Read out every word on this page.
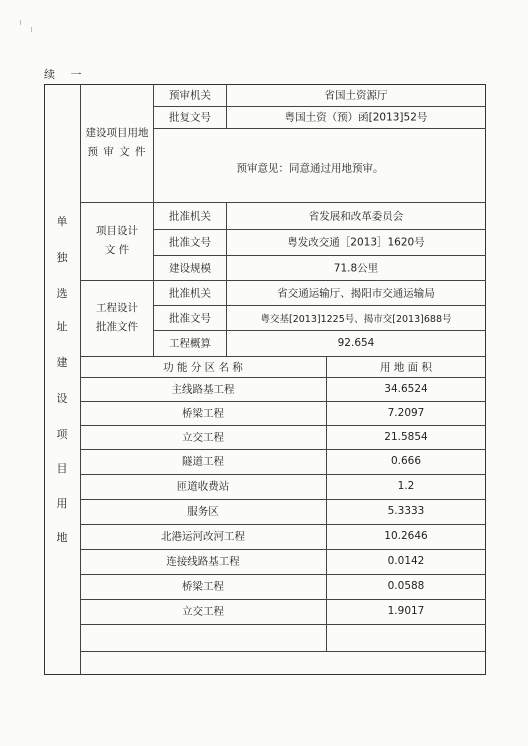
续 一
单
独
选
址
建
设
项
目
用
地
建设项目用地
预 审 文 件
预审机关	省国土资源厅
批复文号	粤国土资（预）函[2013]52号
预审意见：同意通过用地预审。
项目设计
文 件
批准机关	省发展和改革委员会
批准文号	粤发改交通［2013］1620号
建设规模	71.8公里
工程设计
批准文件
批准机关	省交通运输厅、揭阳市交通运输局
批准文号	粤交基[2013]1225号、揭市交[2013]688号
工程概算	92.654
功 能 分 区 名 称	用 地 面 积
主线路基工程	34.6524
桥梁工程	7.2097
立交工程	21.5854
隧道工程	0.666
匝道收费站	1.2
服务区	5.3333
北港运河改河工程	10.2646
连接线路基工程	0.0142
桥梁工程	0.0588
立交工程	1.9017
